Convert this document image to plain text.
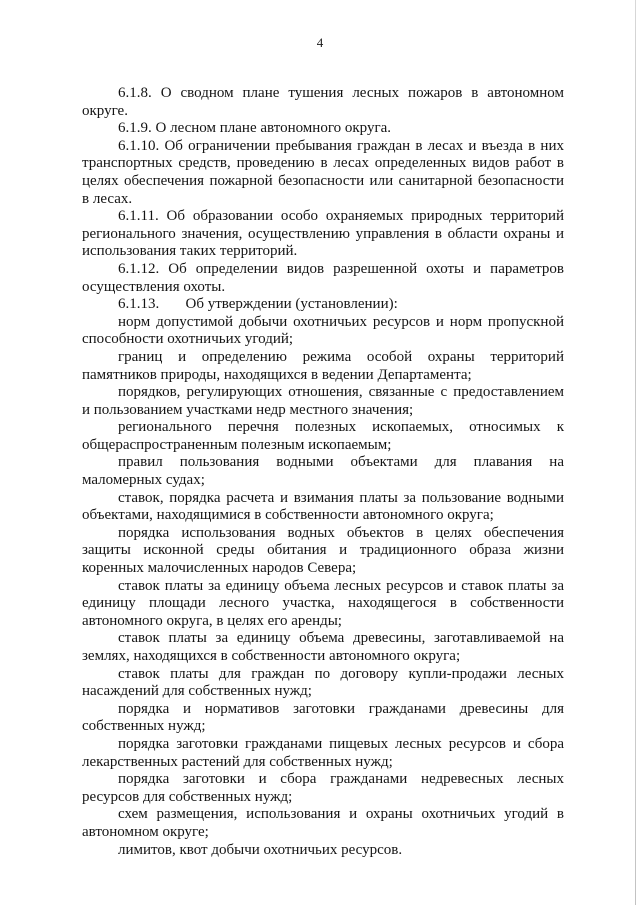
4

6.1.8. О сводном плане тушения лесных пожаров в автономном округе.

6.1.9. О лесном плане автономного округа.

6.1.10. Об ограничении пребывания граждан в лесах и въезда в них транспортных средств, проведению в лесах определенных видов работ в целях обеспечения пожарной безопасности или санитарной безопасности в лесах.

6.1.11. Об образовании особо охраняемых природных территорий регионального значения, осуществлению управления в области охраны и использования таких территорий.

6.1.12. Об определении видов разрешенной охоты и параметров осуществления охоты.

6.1.13.       Об утверждении (установлении):

норм допустимой добычи охотничьих ресурсов и норм пропускной способности охотничьих угодий;

границ и определению режима особой охраны территорий памятников природы, находящихся в ведении Департамента;

порядков, регулирующих отношения, связанные с предоставлением и пользованием участками недр местного значения;

регионального перечня полезных ископаемых, относимых к общераспространенным полезным ископаемым;

правил пользования водными объектами для плавания на маломерных судах;

ставок, порядка расчета и взимания платы за пользование водными объектами, находящимися в собственности автономного округа;

порядка использования водных объектов в целях обеспечения защиты исконной среды обитания и традиционного образа жизни коренных малочисленных народов Севера;

ставок платы за единицу объема лесных ресурсов и ставок платы за единицу площади лесного участка, находящегося в собственности автономного округа, в целях его аренды;

ставок платы за единицу объема древесины, заготавливаемой на землях, находящихся в собственности автономного округа;

ставок платы для граждан по договору купли-продажи лесных насаждений для собственных нужд;

порядка и нормативов заготовки гражданами древесины для собственных нужд;

порядка заготовки гражданами пищевых лесных ресурсов и сбора лекарственных растений для собственных нужд;

порядка заготовки и сбора гражданами недревесных лесных ресурсов для собственных нужд;

схем размещения, использования и охраны охотничьих угодий в автономном округе;

лимитов, квот добычи охотничьих ресурсов.
